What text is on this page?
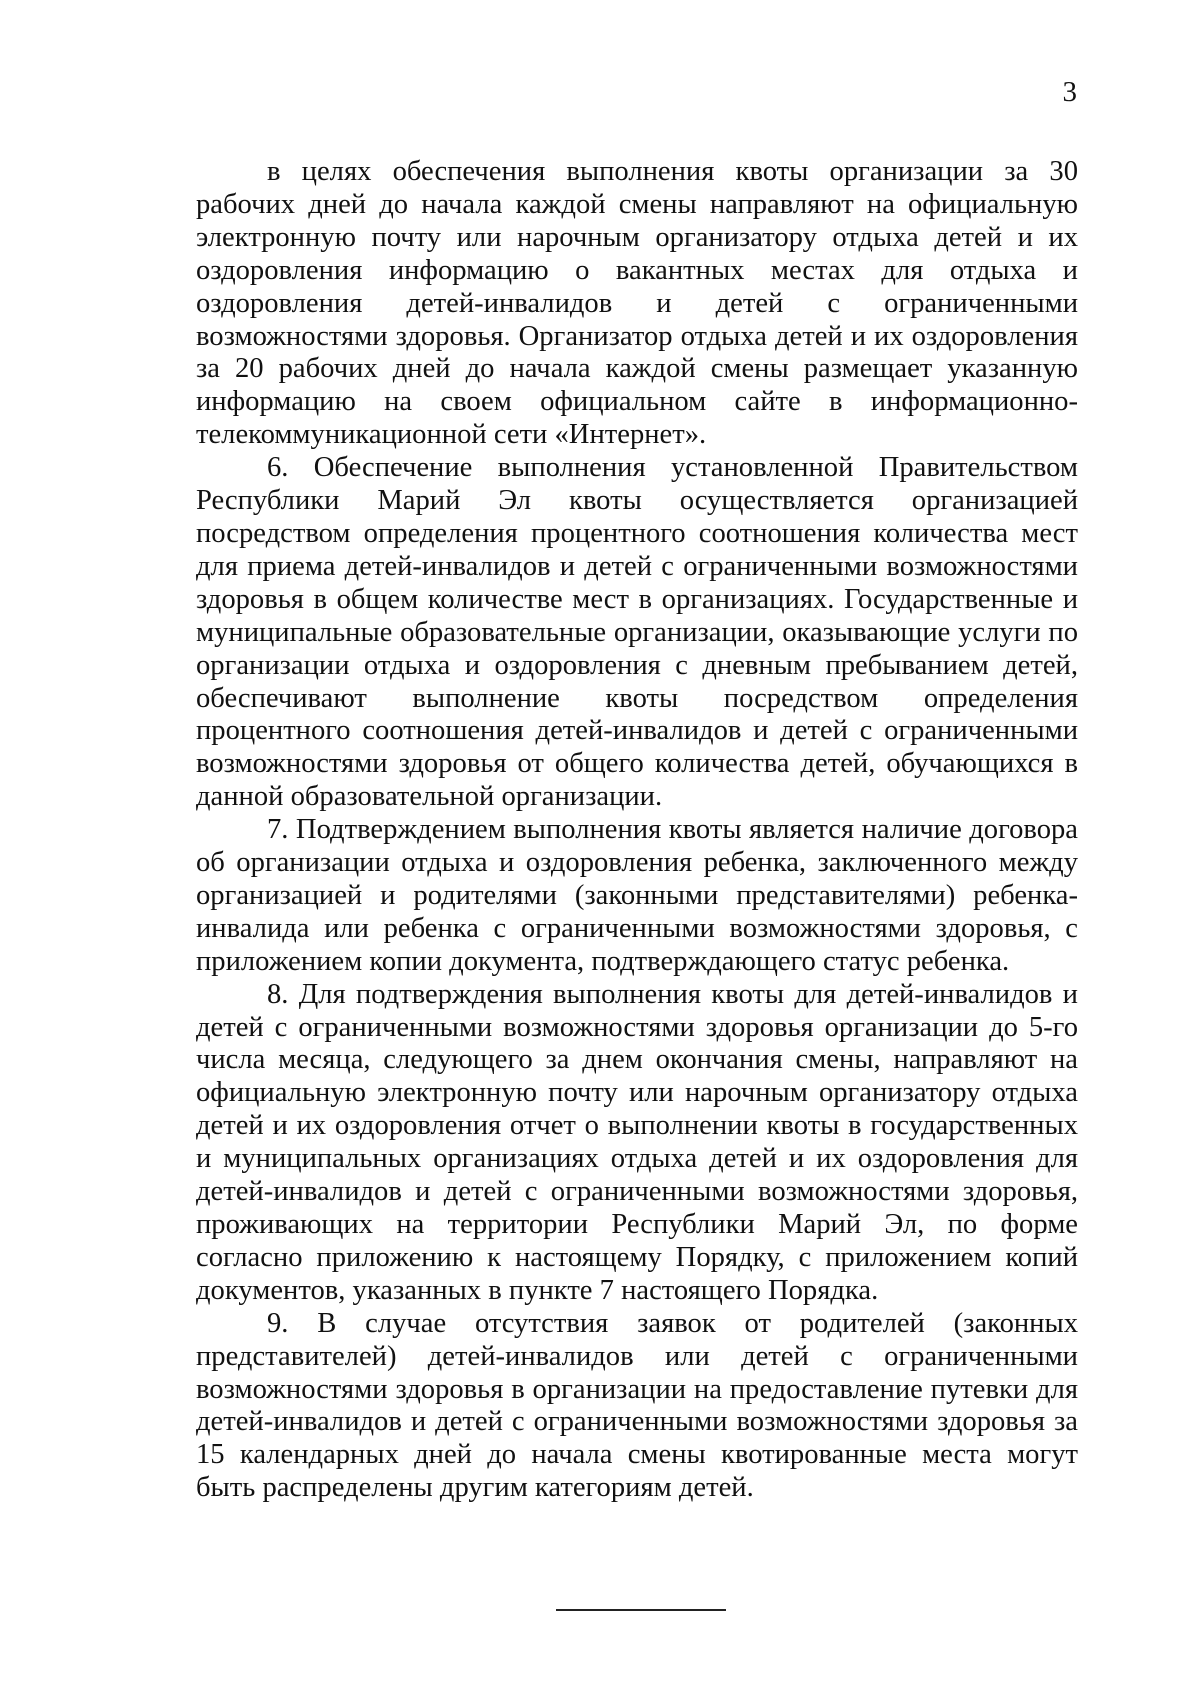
3

в целях обеспечения выполнения квоты организации за 30 рабочих дней до начала каждой смены направляют на официальную электронную почту или нарочным организатору отдыха детей и их оздоровления информацию о вакантных местах для отдыха и оздоровления детей-инвалидов и детей с ограниченными возможностями здоровья. Организатор отдыха детей и их оздоровления за 20 рабочих дней до начала каждой смены размещает указанную информацию на своем официальном сайте в информационно-телекоммуникационной сети «Интернет».

6. Обеспечение выполнения установленной Правительством Республики Марий Эл квоты осуществляется организацией посредством определения процентного соотношения количества мест для приема детей-инвалидов и детей с ограниченными возможностями здоровья в общем количестве мест в организациях. Государственные и муниципальные образовательные организации, оказывающие услуги по организации отдыха и оздоровления с дневным пребыванием детей, обеспечивают выполнение квоты посредством определения процентного соотношения детей-инвалидов и детей с ограниченными возможностями здоровья от общего количества детей, обучающихся в данной образовательной организации.

7. Подтверждением выполнения квоты является наличие договора об организации отдыха и оздоровления ребенка, заключенного между организацией и родителями (законными представителями) ребенка-инвалида или ребенка с ограниченными возможностями здоровья, с приложением копии документа, подтверждающего статус ребенка.

8. Для подтверждения выполнения квоты для детей-инвалидов и детей с ограниченными возможностями здоровья организации до 5-го числа месяца, следующего за днем окончания смены, направляют на официальную электронную почту или нарочным организатору отдыха детей и их оздоровления отчет о выполнении квоты в государственных и муниципальных организациях отдыха детей и их оздоровления для детей-инвалидов и детей с ограниченными возможностями здоровья, проживающих на территории Республики Марий Эл, по форме согласно приложению к настоящему Порядку, с приложением копий документов, указанных в пункте 7 настоящего Порядка.

9. В случае отсутствия заявок от родителей (законных представителей) детей-инвалидов или детей с ограниченными возможностями здоровья в организации на предоставление путевки для детей-инвалидов и детей с ограниченными возможностями здоровья за 15 календарных дней до начала смены квотированные места могут быть распределены другим категориям детей.
